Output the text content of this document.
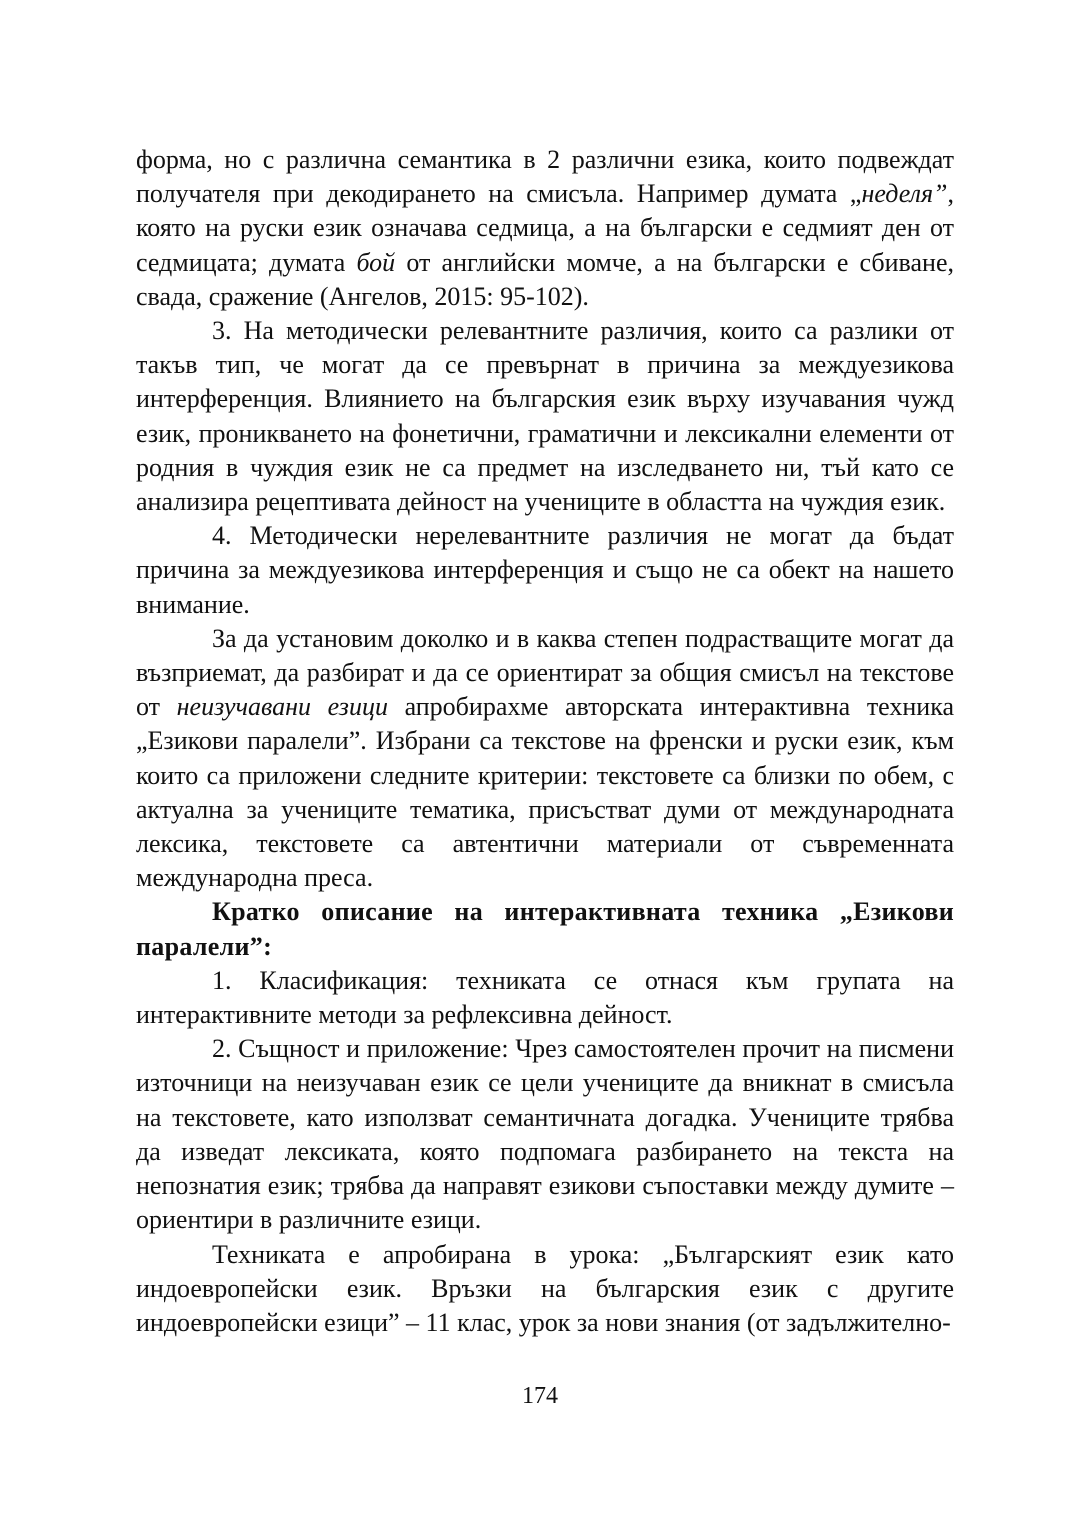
форма, но с различна семантика в 2 различни езика, които подвеждат получателя при декодирането на смисъла. Например думата „неделя”, която на руски език означава седмица, а на български е седмият ден от седмицата; думата бой от английски момче, а на български е сбиване, свада, сражение (Ангелов, 2015: 95-102).

3. На методически релевантните различия, които са разлики от такъв тип, че могат да се превърнат в причина за междуезикова интерференция. Влиянието на българския език върху изучавания чужд език, проникването на фонетични, граматични и лексикални елементи от родния в чуждия език не са предмет на изследването ни, тъй като се анализира рецептивата дейност на учениците в областта на чуждия език.

4. Методически нерелевантните различия не могат да бъдат причина за междуезикова интерференция и също не са обект на нашето внимание.

За да установим доколко и в каква степен подрастващите могат да възприемат, да разбират и да се ориентират за общия смисъл на текстове от неизучавани езици апробирахме авторската интерактивна техника „Езикови паралели”. Избрани са текстове на френски и руски език, към които са приложени следните критерии: текстовете са близки по обем, с актуална за учениците тематика, присъстват думи от международната лексика, текстовете са автентични материали от съвременната международна преса.

Кратко описание на интерактивната техника „Езикови паралели”:

1. Класификация: техниката се отнася към групата на интерактивните методи за рефлексивна дейност.

2. Същност и приложение: Чрез самостоятелен прочит на писмени източници на неизучаван език се цели учениците да вникнат в смисъла на текстовете, като използват семантичната догадка. Учениците трябва да изведат лексиката, която подпомага разбирането на текста на непознатия език; трябва да направят езикови съпоставки между думите – ориентири в различните езици.

Техниката е апробирана в урока: „Българският език като индоевропейски език. Връзки на българския език с другите индоевропейски езици” – 11 клас, урок за нови знания (от задължително-

174
